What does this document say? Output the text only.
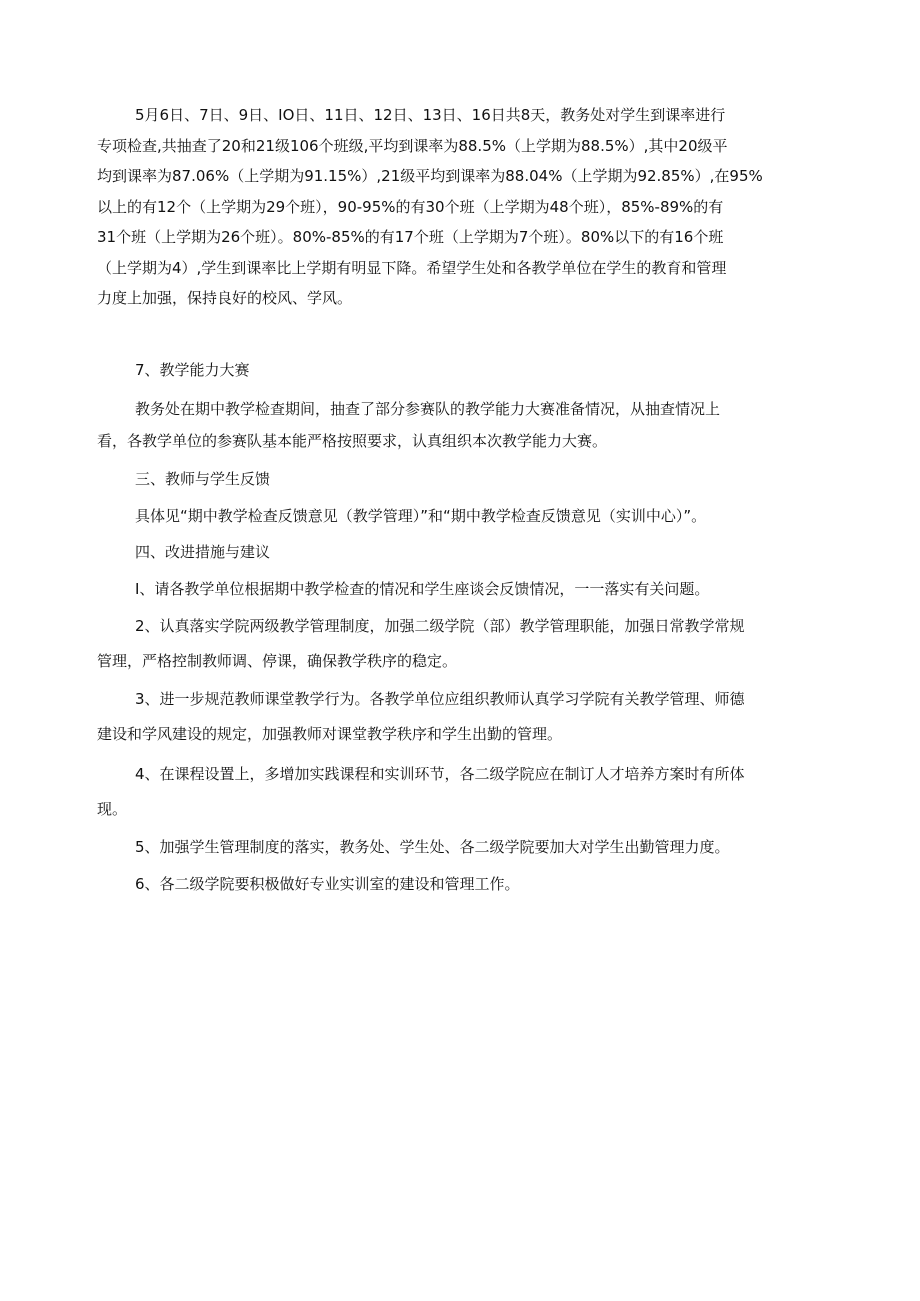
5月6日、7日、9日、IO日、11日、12日、13日、16日共8天，教务处对学生到课率进行
专项检查,共抽查了20和21级106个班级,平均到课率为88.5%（上学期为88.5%）,其中20级平
均到课率为87.06%（上学期为91.15%）,21级平均到课率为88.04%（上学期为92.85%）,在95%
以上的有12个（上学期为29个班），90-95%的有30个班（上学期为48个班），85%-89%的有
31个班（上学期为26个班）。80%-85%的有17个班（上学期为7个班）。80%以下的有16个班
（上学期为4）,学生到课率比上学期有明显下降。希望学生处和各教学单位在学生的教育和管理
力度上加强，保持良好的校风、学风。
7、教学能力大赛
教务处在期中教学检查期间，抽查了部分参赛队的教学能力大赛准备情况，从抽查情况上
看，各教学单位的参赛队基本能严格按照要求，认真组织本次教学能力大赛。
三、教师与学生反馈
具体见“期中教学检查反馈意见（教学管理）”和“期中教学检查反馈意见（实训中心）”。
四、改进措施与建议
I、请各教学单位根据期中教学检查的情况和学生座谈会反馈情况，一一落实有关问题。
2、认真落实学院两级教学管理制度，加强二级学院（部）教学管理职能，加强日常教学常规
管理，严格控制教师调、停课，确保教学秩序的稳定。
3、进一步规范教师课堂教学行为。各教学单位应组织教师认真学习学院有关教学管理、师德
建设和学风建设的规定，加强教师对课堂教学秩序和学生出勤的管理。
4、在课程设置上，多增加实践课程和实训环节，各二级学院应在制订人才培养方案时有所体
现。
5、加强学生管理制度的落实，教务处、学生处、各二级学院要加大对学生出勤管理力度。
6、各二级学院要积极做好专业实训室的建设和管理工作。
